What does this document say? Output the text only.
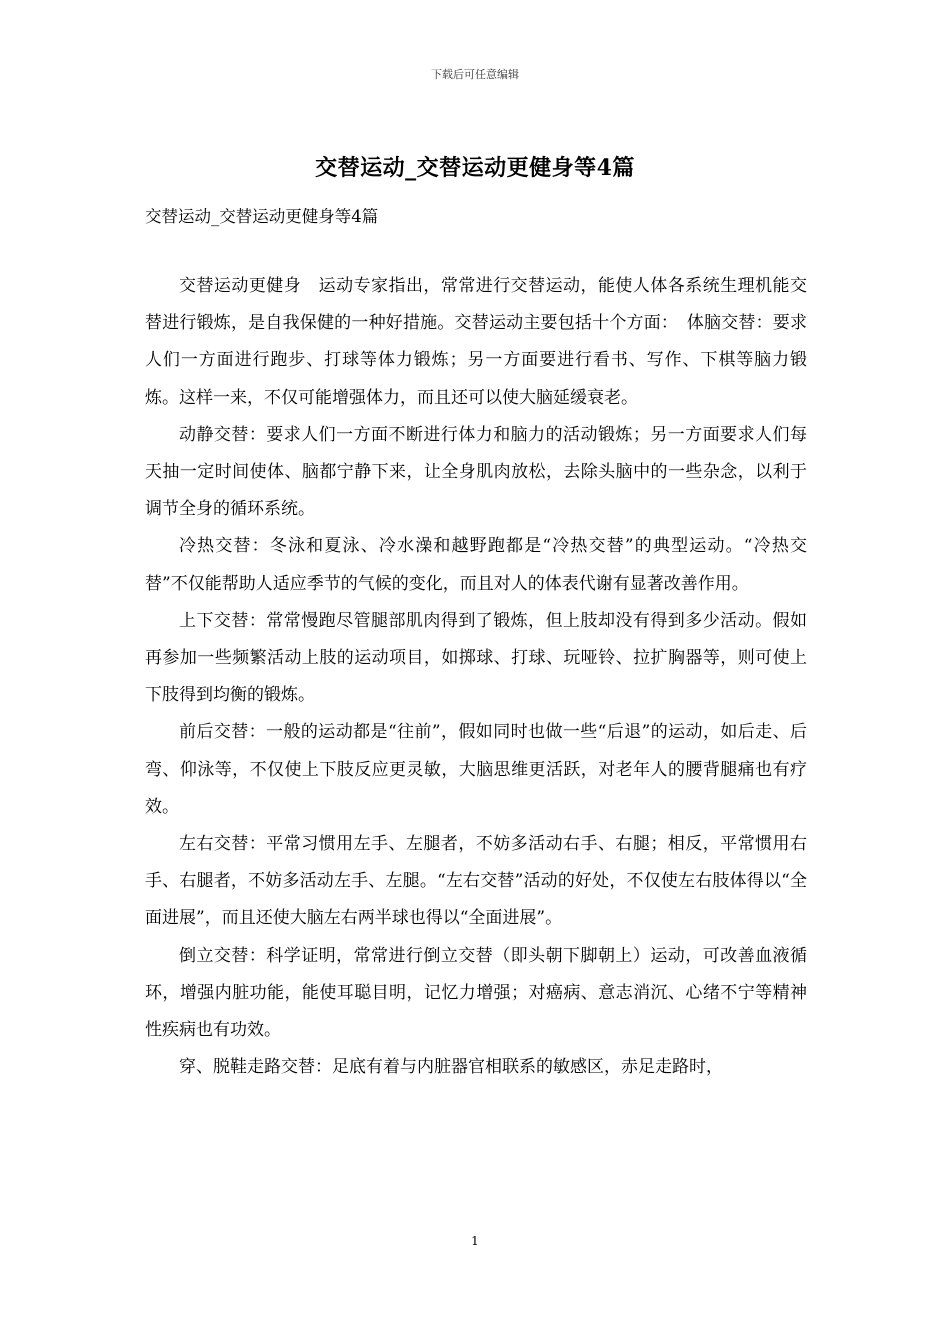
下载后可任意编辑
交替运动_交替运动更健身等4篇
交替运动_交替运动更健身等4篇

交替运动更健身　运动专家指出，常常进行交替运动，能使人体各系统生理机能交替进行锻炼，是自我保健的一种好措施。交替运动主要包括十个方面：　体脑交替：要求人们一方面进行跑步、打球等体力锻炼；另一方面要进行看书、写作、下棋等脑力锻炼。这样一来，不仅可能增强体力，而且还可以使大脑延缓衰老。

动静交替：要求人们一方面不断进行体力和脑力的活动锻炼；另一方面要求人们每天抽一定时间使体、脑都宁静下来，让全身肌肉放松，去除头脑中的一些杂念，以利于调节全身的循环系统。

冷热交替：冬泳和夏泳、冷水澡和越野跑都是“冷热交替”的典型运动。“冷热交替”不仅能帮助人适应季节的气候的变化，而且对人的体表代谢有显著改善作用。

上下交替：常常慢跑尽管腿部肌肉得到了锻炼，但上肢却没有得到多少活动。假如再参加一些频繁活动上肢的运动项目，如掷球、打球、玩哑铃、拉扩胸器等，则可使上下肢得到均衡的锻炼。

前后交替：一般的运动都是“往前”，假如同时也做一些“后退”的运动，如后走、后弯、仰泳等，不仅使上下肢反应更灵敏，大脑思维更活跃，对老年人的腰背腿痛也有疗效。

左右交替：平常习惯用左手、左腿者，不妨多活动右手、右腿；相反，平常惯用右手、右腿者，不妨多活动左手、左腿。“左右交替”活动的好处，不仅使左右肢体得以“全面进展”，而且还使大脑左右两半球也得以“全面进展”。

倒立交替：科学证明，常常进行倒立交替（即头朝下脚朝上）运动，可改善血液循环，增强内脏功能，能使耳聪目明，记忆力增强；对癌病、意志消沉、心绪不宁等精神性疾病也有功效。

穿、脱鞋走路交替：足底有着与内脏器官相联系的敏感区，赤足走路时，

1
